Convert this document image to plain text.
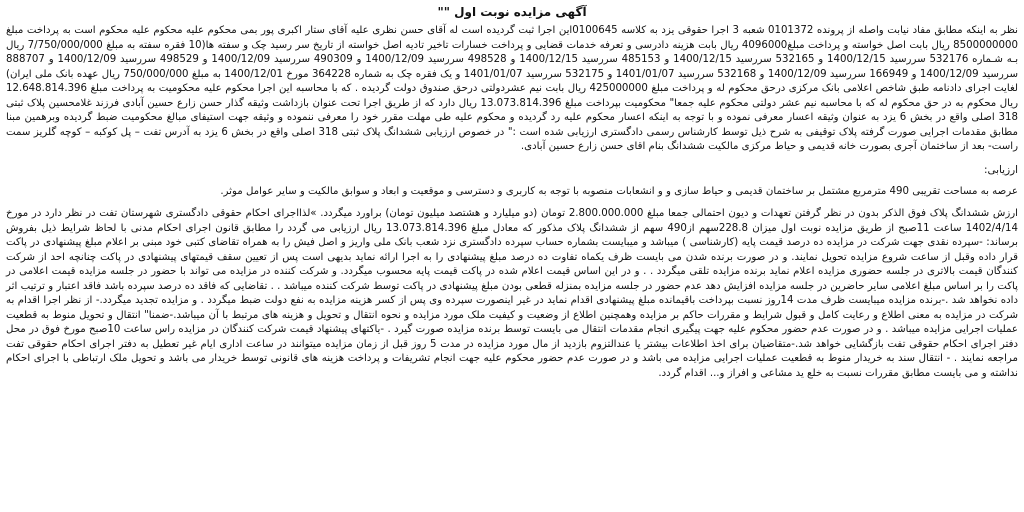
آگهی مزایده نوبت اول ""

نظر به اینکه مطابق مفاد نیابت واصله از پرونده 0101372 شعبه 3 اجرا حقوقی یزد به کلاسه 0100645این اجرا ثبت گردیده است له آقای حسن نظری علیه آقای ستار اکبری پور بمی محکوم علیه محکوم علیه محکوم است به پرداخت مبلغ 8500000000 ریال بابت اصل خواسته و پرداخت مبلغ4096000 ریال بابت هزینه دادرسی و تعرفه خدمات قضایی و پرداخت خسارات تاخیر تادیه اصل خواسته از تاریخ سر رسید چک و سفته ها(10 فقره سفته به مبلغ 7/750/000/000 ریال بـه شـماره 532176 سررسید 1400/12/15 و 532165 سررسید 1400/12/15 و 485153 سررسید 1400/12/15 و 498528 سررسید 1400/12/09 و 490309 سررسید 1400/12/09 و 498529 سررسید 1400/12/09 و 888707 سررسید 1400/12/09 و 166949 سررسید 1400/12/09 و 532168 سررسید 1401/01/07 و 532175 سررسید 1401/01/07 و یک فقره چک به شماره 364228 مورخ 1400/12/01 به مبلغ 750/000/000 ریال عهده بانک ملی ایران) لغایت اجرای دادنامه طبق شاخص اعلامی بانک مرکزی درحق محکوم له و پرداخت مبلغ 425000000 ریال بابت نیم عشردولتی درحق صندوق دولت گردیده . که با محاسبه این اجرا محکوم علیه محکومیت به پرداخت مبلغ 12.648.814.396 ریال محکوم به در حق محکوم له که با محاسبه نیم عشر دولتی محکوم علیه جمعا" محکومیت بپرداخت مبلغ 13.073.814.396 ریال دارد که از طریق اجرا تحت عنوان بازداشت وثیقه گذار حسن زارع حسین آبادی فرزند غلامحسین پلاک ثبتی 318 اصلی واقع در بخش 6 یزد به عنوان وثیقه اعسار معرفی نموده و با توجه به اینکه اعسار محکوم علیه رد گردیده و محکوم علیه طی مهلت مقرر خود را معرفی ننموده و وثیقه جهت استیفای مبالغ محکومیت ضبط گردیده وبرهمین مبنا مطابق مقدمات اجرایی صورت گرفته پلاک توقیفی به شرح ذیل توسط کارشناس رسمی دادگستری ارزیابی شده است :" در خصوص ارزیابی ششدانگ پلاک ثبتی 318 اصلی واقع در بخش 6 یزد به آدرس تفت – پل کوکبه – کوچه گلریز سمت راست- بعد از ساختمان آجری بصورت خانه قدیمی و حیاط مرکزی مالکیت ششدانگ بنام اقای حسن زارع حسین آبادی.

ارزیابی:

عرصه به مساحت تقریبی 490 مترمربع مشتمل بر ساختمان قدیمی و حیاط سازی و و انشعابات منصوبه با توجه به کاربری و دسترسی و موقعیت و ابعاد و سوابق مالکیت و سایر عوامل موثر.

ارزش ششدانگ پلاک فوق الذکر بدون در نظر گرفتن تعهدات و دیون احتمالی جمعا مبلغ 2.800.000.000 تومان (دو میلیارد و هشتصد میلیون تومان) براورد میگردد. »لذااجرای احکام حقوقی دادگستری شهرستان تفت در نظر دارد در مورخ 1402/4/14 ساعت 11صبح از طریق مزایده نوبت اول میزان 228.8سهم از490 سهم از ششدانگ پلاک مذکور که معادل مبلغ 13.073.814.396 ریال ارزیابی می گردد را مطابق قانون اجرای احکام مدنی با لحاظ شرایط ذیل بفروش برساند: -سپرده نقدی جهت شرکت در مزایده ده درصد قیمت پایه (کارشناسی ) میباشد و میبایست بشماره حساب سپرده دادگستری نزد شعب بانک ملی واریز و اصل فیش را به همراه تقاضای کتبی خود مبنی بر اعلام مبلغ پیشنهادی در پاکت قرار داده وقبل از ساعت شروع مزایده تحویل نمایند. و در صورت برنده شدن می بایست ظرف یکماه تفاوت ده درصد مبلغ پیشنهادی را به اجرا ارائه نماید بدیهی است پس از تعیین سقف قیمتهای پیشنهادی در پاکت چنانچه احد از شرکت کنندگان قیمت بالاتری در جلسه حضوری مزایده اعلام نماید برنده مزایده تلقی میگردد . . و در این اساس قیمت اعلام شده در پاکت قیمت پایه محسوب میگردد. و شرکت کننده در مزایده می تواند با حضور در جلسه مزایده قیمت اعلامی در پاکت را بر اساس مبلغ اعلامی سایر حاضرین در جلسه مزایده افزایش دهد عدم حضور در جلسه مزایده بمنزله قطعی بودن مبلغ پیشنهادی در پاکت توسط شرکت کننده میباشد . . تقاضایی که فاقد ده درصد سپرده باشد فاقد اعتبار و ترتیب اثر داده نخواهد شد .-برنده مزایده میبایست ظرف مدت 14روز نسبت بپرداخت باقیمانده مبلغ پیشنهادی اقدام نماید در غیر اینصورت سپرده وی پس از کسر هزینه مزایده به نفع دولت ضبط میگردد . و مزایده تجدید میگردد.- از نظر اجرا اقدام به شرکت در مزایده به معنی اطلاع و رعایت کامل و قبول شرایط و مقررات حاکم بر مزایده وهمچنین اطلاع از وضعیت و کیفیت ملک مورد مزایده و نحوه انتقال و تحویل و هزینه های مرتبط با آن میباشد.-ضمنا" انتقال و تحویل منوط به قطعیت عملیات اجرایی مزایده میباشد . و در صورت عدم حضور محکوم علیه جهت پیگیری انجام مقدمات انتقال می بایست توسط برنده مزایده صورت گیرد . -یاکتهای پیشنهاد قیمت شرکت کنندگان در مزایده راس ساعت 10صبح مورخ فوق در محل دفتر اجرای احکام حقوقی تفت بازگشایی خواهد شد.-متقاضیان برای اخذ اطلاعات بیشتر یا عندالتزوم بازدید از مال مورد مزایده در مدت 5 روز قبل از زمان مزایده میتوانند در ساعت اداری ایام غیر تعطیل به دفتر اجرای احکام حقوقی تفت مراجعه نمایند . - انتقال سند به خریدار منوط به قطعیت عملیات اجرایی مزایده می باشد و در صورت عدم حضور محکوم علیه جهت انجام تشریفات و پرداخت هزینه های قانونی توسط خریدار می باشد و تحویل ملک ارتباطی با اجرای احکام نداشته و می بایست مطابق مقررات نسبت به خلع ید مشاعی و افراز و... اقدام گردد.
